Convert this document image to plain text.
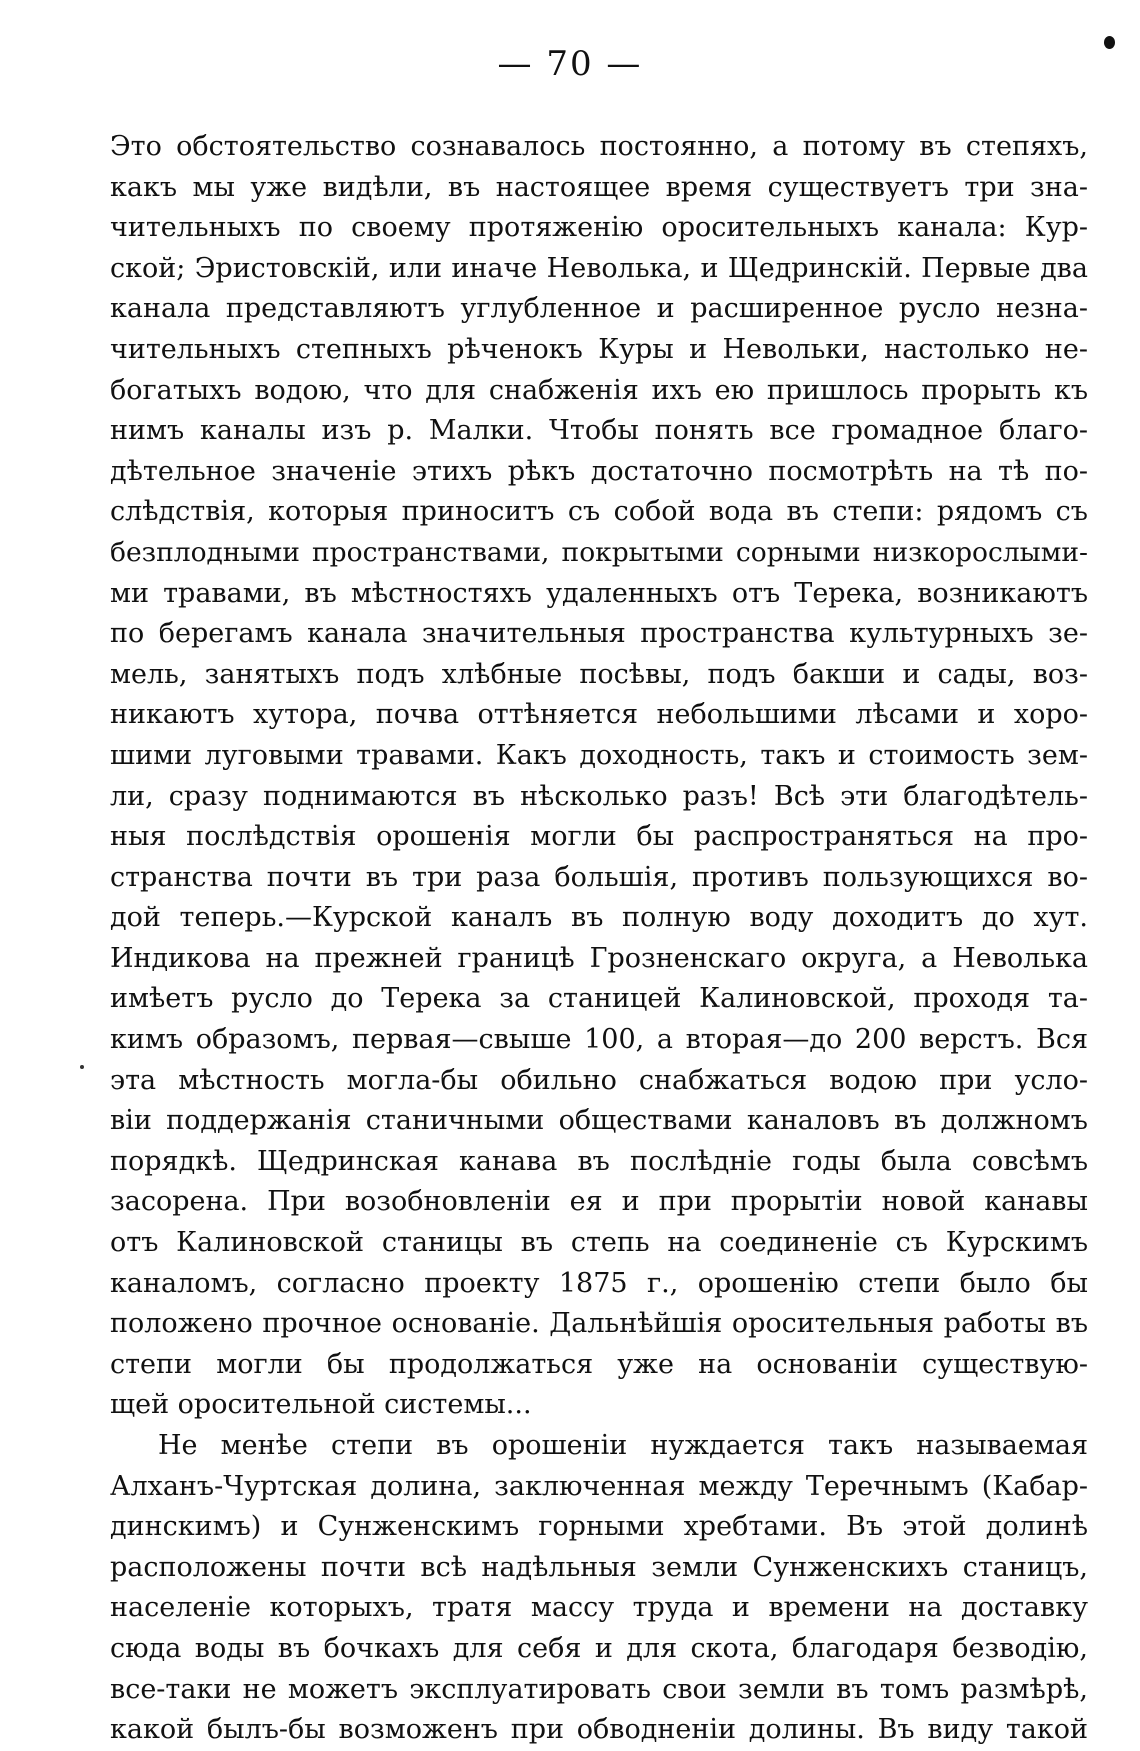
— 70 —
Это обстоятельство сознавалось постоянно, а потому въ степяхъ,
какъ мы уже видѣли, въ настоящее время существуетъ три зна-
чительныхъ по своему протяженію оросительныхъ канала: Кур-
ской; Эристовскій, или иначе Неволька, и Щедринскій. Первые два
канала представляютъ углубленное и расширенное русло незна-
чительныхъ степныхъ рѣченокъ Куры и Невольки, настолько не-
богатыхъ водою, что для снабженія ихъ ею пришлось прорыть къ
нимъ каналы изъ р. Малки. Чтобы понять все громадное благо-
дѣтельное значеніе этихъ рѣкъ достаточно посмотрѣть на тѣ по-
слѣдствія, которыя приноситъ съ собой вода въ степи: рядомъ съ
безплодными пространствами, покрытыми сорными низкорослыми-
ми травами, въ мѣстностяхъ удаленныхъ отъ Терека, возникаютъ
по берегамъ канала значительныя пространства культурныхъ зе-
мель, занятыхъ подъ хлѣбные посѣвы, подъ бакши и сады, воз-
никаютъ хутора, почва оттѣняется небольшими лѣсами и хоро-
шими луговыми травами. Какъ доходность, такъ и стоимость зем-
ли, сразу поднимаются въ нѣсколько разъ! Всѣ эти благодѣтель-
ныя послѣдствія орошенія могли бы распространяться на про-
странства почти въ три раза большія, противъ пользующихся во-
дой теперь.—Курской каналъ въ полную воду доходитъ до хут.
Индикова на прежней границѣ Грозненскаго округа, а Неволька
имѣетъ русло до Терека за станицей Калиновской, проходя та-
кимъ образомъ, первая—свыше 100, а вторая—до 200 верстъ. Вся
эта мѣстность могла-бы обильно снабжаться водою при усло-
віи поддержанія станичными обществами каналовъ въ должномъ
порядкѣ. Щедринская канава въ послѣдніе годы была совсѣмъ
засорена. При возобновленіи ея и при прорытіи новой канавы
отъ Калиновской станицы въ степь на соединеніе съ Курскимъ
каналомъ, согласно проекту 1875 г., орошенію степи было бы
положено прочное основаніе. Дальнѣйшія оросительныя работы въ
степи могли бы продолжаться уже на основаніи существую-
щей оросительной системы...
Не менѣе степи въ орошеніи нуждается такъ называемая
Алханъ-Чуртская долина, заключенная между Теречнымъ (Кабар-
динскимъ) и Сунженскимъ горными хребтами. Въ этой долинѣ
расположены почти всѣ надѣльныя земли Сунженскихъ станицъ,
населеніе которыхъ, тратя массу труда и времени на доставку
сюда воды въ бочкахъ для себя и для скота, благодаря безводію,
все-таки не можетъ эксплуатировать свои земли въ томъ размѣрѣ,
какой былъ-бы возможенъ при обводненіи долины. Въ виду такой
